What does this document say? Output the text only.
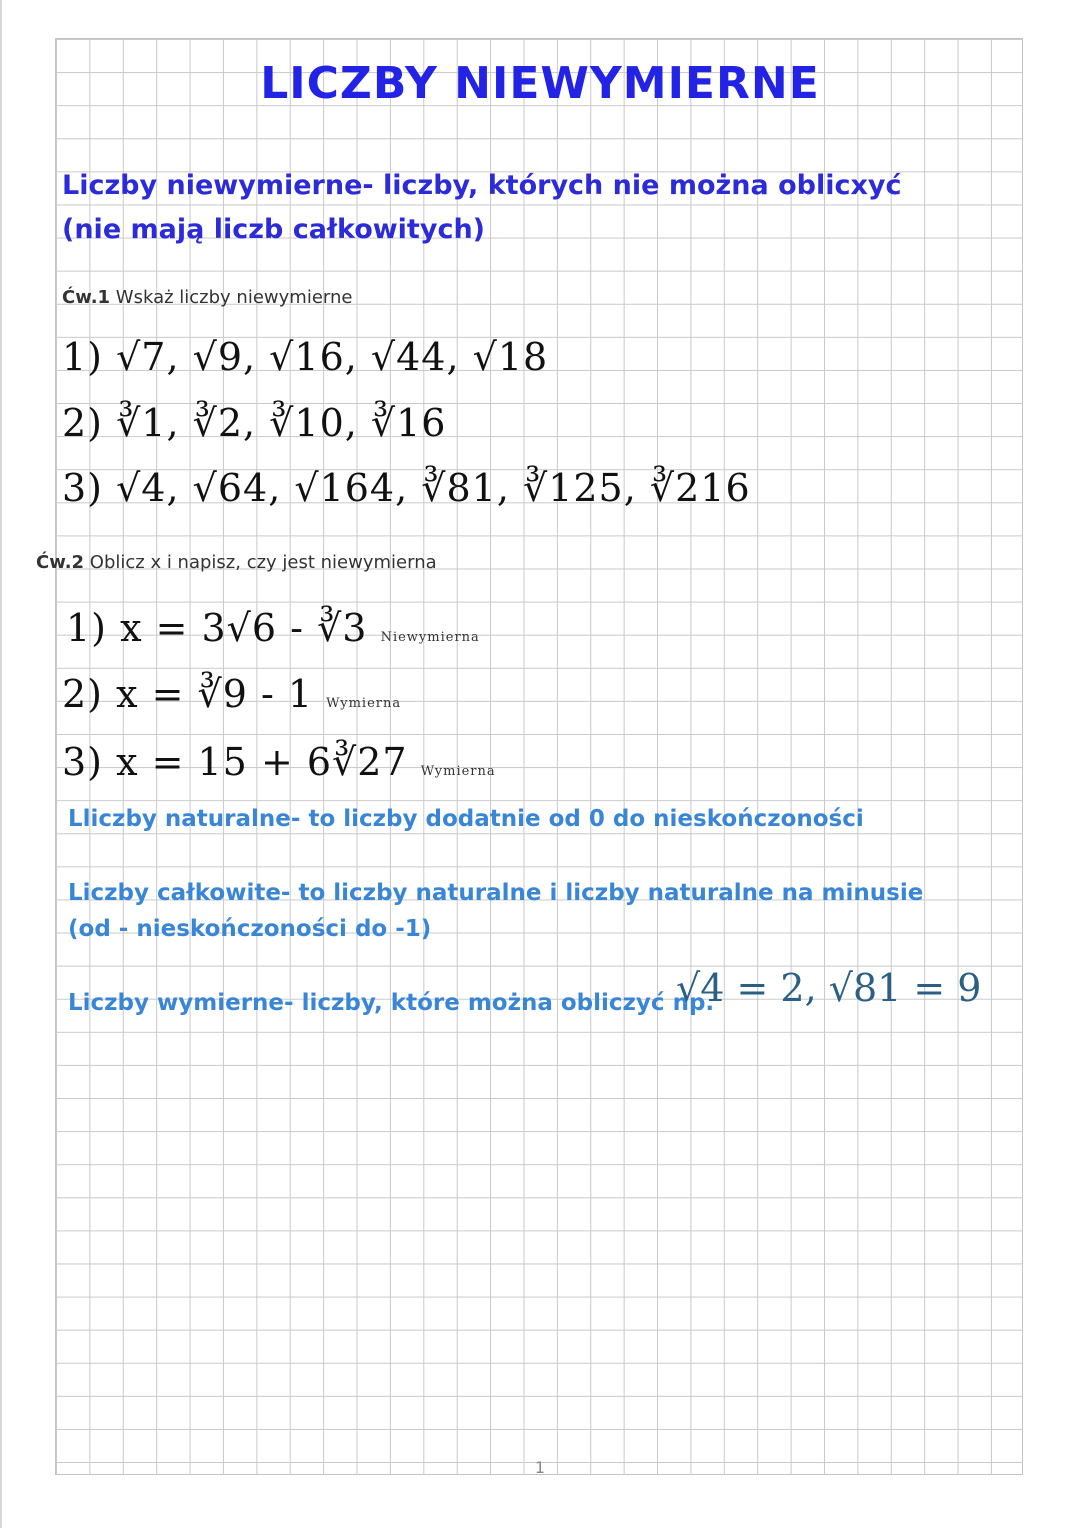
LICZBY NIEWYMIERNE
Liczby niewymierne- liczby, których nie można oblicxyć
(nie mają liczb całkowitych)
Ćw.1 Wskaż liczby niewymierne
1) √7, √9, √16, √44, √18
2) ∛1, ∛2, ∛10, ∛16
3) √4, √64, √164, ∛81, ∛125, ∛216
Ćw.2 Oblicz x i napisz, czy jest niewymierna
1) x = 3√6 - ∛3 Niewymierna
2) x = ∛9 - 1 Wymierna
3) x = 15 + 6∛27 Wymierna
Lliczby naturalne- to liczby dodatnie od 0 do nieskończoności
Liczby całkowite- to liczby naturalne i liczby naturalne na minusie
(od - nieskończoności do -1)
Liczby wymierne- liczby, które można obliczyć np.
√4 = 2, √81 = 9
1
